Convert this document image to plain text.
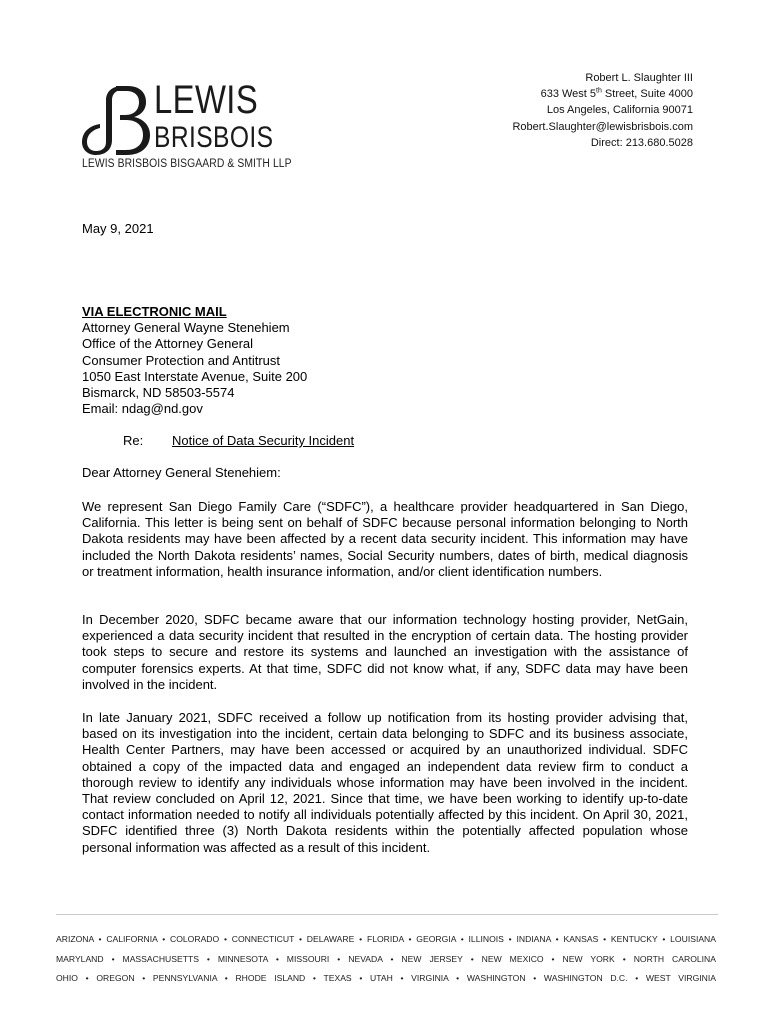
LEWIS
BRISBOIS
LEWIS BRISBOIS BISGAARD & SMITH LLP
Robert L. Slaughter III
633 West 5th Street, Suite 4000
Los Angeles, California 90071
Robert.Slaughter@lewisbrisbois.com
Direct: 213.680.5028
May 9, 2021
VIA ELECTRONIC MAIL
Attorney General Wayne Stenehiem
Office of the Attorney General
Consumer Protection and Antitrust
1050 East Interstate Avenue, Suite 200
Bismarck, ND 58503-5574
Email: ndag@nd.gov
Re: Notice of Data Security Incident
Dear Attorney General Stenehiem:
We represent San Diego Family Care (“SDFC”), a healthcare provider headquartered in San Diego, California. This letter is being sent on behalf of SDFC because personal information belonging to North Dakota residents may have been affected by a recent data security incident. This information may have included the North Dakota residents’ names, Social Security numbers, dates of birth, medical diagnosis or treatment information, health insurance information, and/or client identification numbers.
In December 2020, SDFC became aware that our information technology hosting provider, NetGain, experienced a data security incident that resulted in the encryption of certain data. The hosting provider took steps to secure and restore its systems and launched an investigation with the assistance of computer forensics experts. At that time, SDFC did not know what, if any, SDFC data may have been involved in the incident.
In late January 2021, SDFC received a follow up notification from its hosting provider advising that, based on its investigation into the incident, certain data belonging to SDFC and its business associate, Health Center Partners, may have been accessed or acquired by an unauthorized individual. SDFC obtained a copy of the impacted data and engaged an independent data review firm to conduct a thorough review to identify any individuals whose information may have been involved in the incident. That review concluded on April 12, 2021. Since that time, we have been working to identify up-to-date contact information needed to notify all individuals potentially affected by this incident. On April 30, 2021, SDFC identified three (3) North Dakota residents within the potentially affected population whose personal information was affected as a result of this incident.
ARIZONA • CALIFORNIA • COLORADO • CONNECTICUT • DELAWARE • FLORIDA • GEORGIA • ILLINOIS • INDIANA • KANSAS • KENTUCKY • LOUISIANA
MARYLAND • MASSACHUSETTS • MINNESOTA • MISSOURI • NEVADA • NEW JERSEY • NEW MEXICO • NEW YORK • NORTH CAROLINA
OHIO • OREGON • PENNSYLVANIA • RHODE ISLAND • TEXAS • UTAH • VIRGINIA • WASHINGTON • WASHINGTON D.C. • WEST VIRGINIA
